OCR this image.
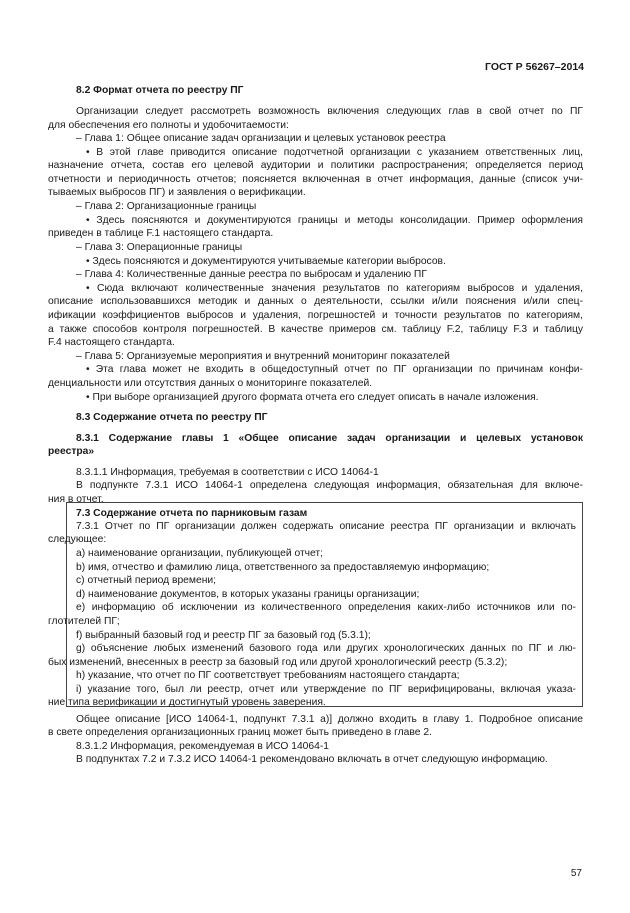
ГОСТ Р 56267–2014
8.2 Формат отчета по реестру ПГ
Организации следует рассмотреть возможность включения следующих глав в свой отчет по ПГ
для обеспечения его полноты и удобочитаемости:
– Глава 1: Общее описание задач организации и целевых установок реестра
• В этой главе приводится описание подотчетной организации с указанием ответственных лиц,
назначение отчета, состав его целевой аудитории и политики распространения; определяется период
отчетности и периодичность отчетов; поясняется включенная в отчет информация, данные (список учи-
тываемых выбросов ПГ) и заявления о верификации.
– Глава 2: Организационные границы
• Здесь поясняются и документируются границы и методы консолидации. Пример оформления
приведен в таблице F.1 настоящего стандарта.
– Глава 3: Операционные границы
• Здесь поясняются и документируются учитываемые категории выбросов.
– Глава 4: Количественные данные реестра по выбросам и удалению ПГ
• Сюда включают количественные значения результатов по категориям выбросов и удаления,
описание использовавшихся методик и данных о деятельности, ссылки и/или пояснения и/или спец-
ификации коэффициентов выбросов и удаления, погрешностей и точности результатов по категориям,
а также способов контроля погрешностей. В качестве примеров см. таблицу F.2, таблицу F.3 и таблицу
F.4 настоящего стандарта.
– Глава 5: Организуемые мероприятия и внутренний мониторинг показателей
• Эта глава может не входить в общедоступный отчет по ПГ организации по причинам конфи-
денциальности или отсутствия данных о мониторинге показателей.
• При выборе организацией другого формата отчета его следует описать в начале изложения.
8.3 Содержание отчета по реестру ПГ
8.3.1 Содержание главы 1 «Общее описание задач организации и целевых установок
реестра»
8.3.1.1 Информация, требуемая в соответствии с ИСО 14064-1
В подпункте 7.3.1 ИСО 14064-1 определена следующая информация, обязательная для включе-
ния в отчет.
7.3 Содержание отчета по парниковым газам
7.3.1 Отчет по ПГ организации должен содержать описание реестра ПГ организации и включать
следующее:
a) наименование организации, публикующей отчет;
b) имя, отчество и фамилию лица, ответственного за предоставляемую информацию;
c) отчетный период времени;
d) наименование документов, в которых указаны границы организации;
e) информацию об исключении из количественного определения каких-либо источников или по-
глотителей ПГ;
f) выбранный базовый год и реестр ПГ за базовый год (5.3.1);
g) объяснение любых изменений базового года или других хронологических данных по ПГ и лю-
бых изменений, внесенных в реестр за базовый год или другой хронологический реестр (5.3.2);
h) указание, что отчет по ПГ соответствует требованиям настоящего стандарта;
i) указание того, был ли реестр, отчет или утверждение по ПГ верифицированы, включая указа-
ние типа верификации и достигнутый уровень заверения.
Общее описание [ИСО 14064-1, подпункт 7.3.1 a)] должно входить в главу 1. Подробное описание
в свете определения организационных границ может быть приведено в главе 2.
8.3.1.2 Информация, рекомендуемая в ИСО 14064-1
В подпунктах 7.2 и 7.3.2 ИСО 14064-1 рекомендовано включать в отчет следующую информацию.
57
